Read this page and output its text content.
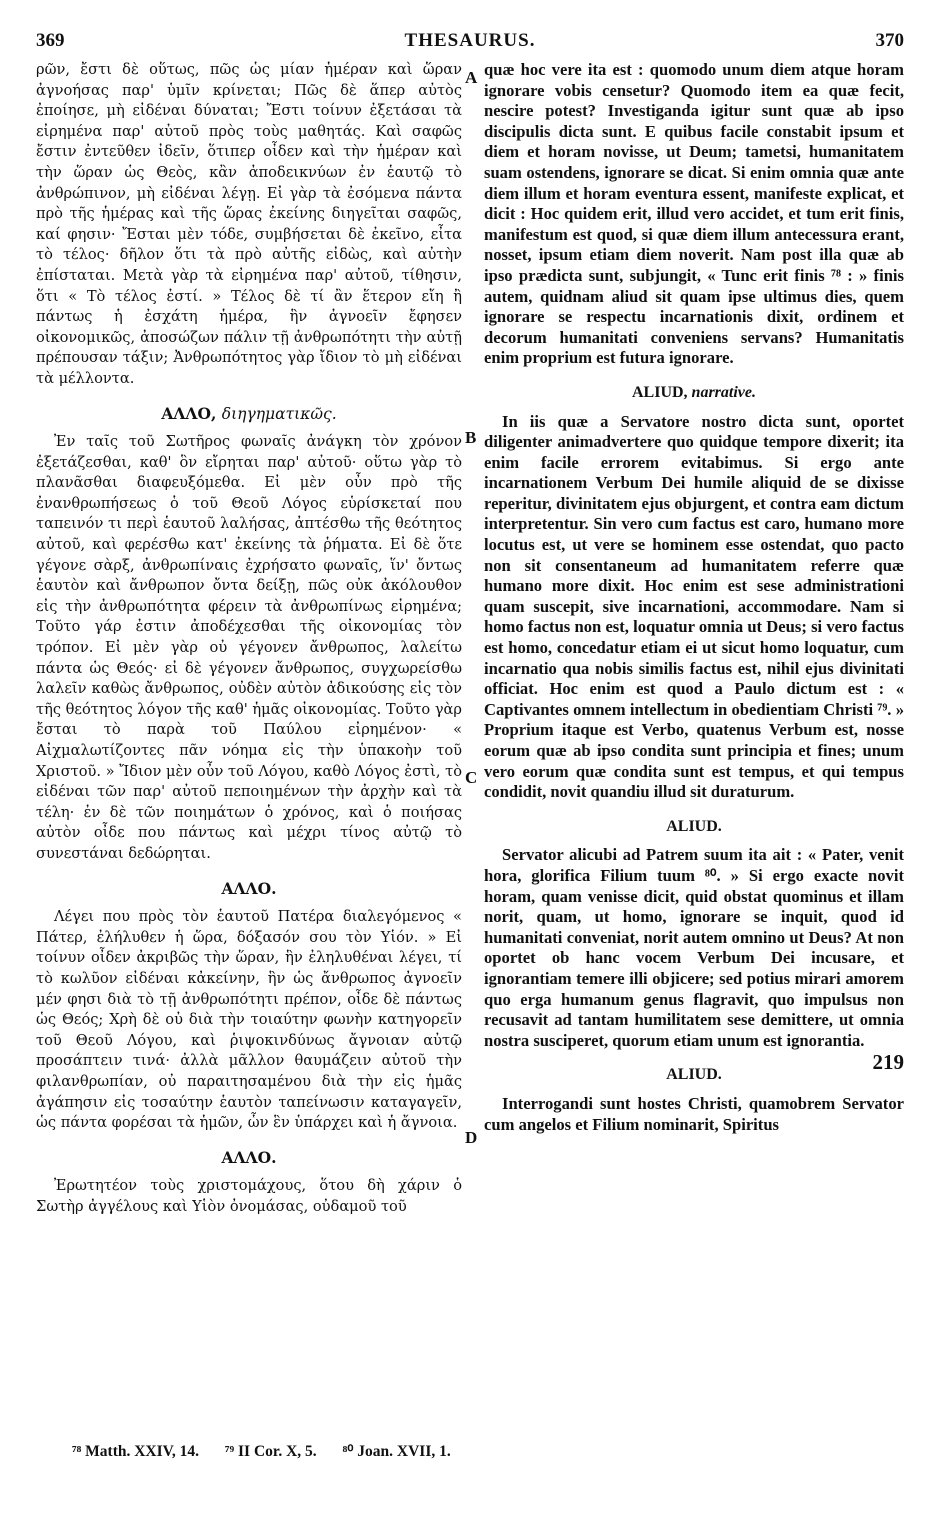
369	THESAURUS.	370

ρῶν, ἔστι δὲ οὕτως, πῶς ὡς μίαν ἡμέραν καὶ ὥραν ἀγνοήσας παρ' ὑμῖν κρίνεται; Πῶς δὲ ἅπερ αὐτὸς ἐποίησε, μὴ εἰδέναι δύναται; Ἔστι τοίνυν ἐξετάσαι τὰ εἰρημένα παρ' αὐτοῦ πρὸς τοὺς μαθητάς. Καὶ σαφῶς ἔστιν ἐντεῦθεν ἰδεῖν, ὅτιπερ οἶδεν καὶ τὴν ἡμέραν καὶ τὴν ὥραν ὡς Θεὸς, κἂν ἀποδεικνύων ἐν ἑαυτῷ τὸ ἀνθρώπινον, μὴ εἰδέναι λέγῃ. Εἰ γὰρ τὰ ἐσόμενα πάντα πρὸ τῆς ἡμέρας καὶ τῆς ὥρας ἐκείνης διηγεῖται σαφῶς, καί φησιν· Ἔσται μὲν τόδε, συμβήσεται δὲ ἐκεῖνο, εἶτα τὸ τέλος· δῆλον ὅτι τὰ πρὸ αὐτῆς εἰδὼς, καὶ αὐτὴν ἐπίσταται. Μετὰ γὰρ τὰ εἰρημένα παρ' αὐτοῦ, τίθησιν, ὅτι « Τὸ τέλος ἐστί. » Τέλος δὲ τί ἂν ἕτερον εἴη ἢ πάντως ἡ ἐσχάτη ἡμέρα, ἣν ἀγνοεῖν ἔφησεν οἰκονομικῶς, ἀποσώζων πάλιν τῇ ἀνθρωπότητι τὴν αὐτῇ πρέπουσαν τάξιν; Ἀνθρωπότητος γὰρ ἴδιον τὸ μὴ εἰδέναι τὰ μέλλοντα.

ΑΛΛΟ, διηγηματικῶς.

Ἐν ταῖς τοῦ Σωτῆρος φωναῖς ἀνάγκη τὸν χρόνον ἐξετάζεσθαι, καθ' ὃν εἴρηται παρ' αὐτοῦ· οὕτω γὰρ τὸ πλανᾶσθαι διαφευξόμεθα. Εἰ μὲν οὖν πρὸ τῆς ἐνανθρωπήσεως ὁ τοῦ Θεοῦ Λόγος εὑρίσκεταί που ταπεινόν τι περὶ ἑαυτοῦ λαλήσας, ἀπτέσθω τῆς θεότητος αὐτοῦ, καὶ φερέσθω κατ' ἐκείνης τὰ ῥήματα. Εἰ δὲ ὅτε γέγονε σὰρξ, ἀνθρωπίναις ἐχρήσατο φωναῖς, ἵν' ὄντως ἑαυτὸν καὶ ἄνθρωπον ὄντα δείξῃ, πῶς οὐκ ἀκόλουθον εἰς τὴν ἀνθρωπότητα φέρειν τὰ ἀνθρωπίνως εἰρημένα; Τοῦτο γάρ ἐστιν ἀποδέχεσθαι τῆς οἰκονομίας τὸν τρόπον. Εἰ μὲν γὰρ οὐ γέγονεν ἄνθρωπος, λαλείτω πάντα ὡς Θεός· εἰ δὲ γέγονεν ἄνθρωπος, συγχωρείσθω λαλεῖν καθὼς ἄνθρωπος, οὐδὲν αὐτὸν ἀδικούσης εἰς τὸν τῆς θεότητος λόγον τῆς καθ' ἡμᾶς οἰκονομίας. Τοῦτο γὰρ ἔσται τὸ παρὰ τοῦ Παύλου εἰρημένον· « Αἰχμαλωτίζοντες πᾶν νόημα εἰς τὴν ὑπακοὴν τοῦ Χριστοῦ. » Ἴδιον μὲν οὖν τοῦ Λόγου, καθὸ Λόγος ἐστὶ, τὸ εἰδέναι τῶν παρ' αὐτοῦ πεποιημένων τὴν ἀρχὴν καὶ τὰ τέλη· ἐν δὲ τῶν ποιημάτων ὁ χρόνος, καὶ ὁ ποιήσας αὐτὸν οἶδε που πάντως καὶ μέχρι τίνος αὐτῷ τὸ συνεστάναι δεδώρηται.

ΑΛΛΟ.

Λέγει που πρὸς τὸν ἑαυτοῦ Πατέρα διαλεγόμενος « Πάτερ, ἐλήλυθεν ἡ ὥρα, δόξασόν σου τὸν Υἱόν. » Εἰ τοίνυν οἶδεν ἀκριβῶς τὴν ὥραν, ἣν ἐληλυθέναι λέγει, τί τὸ κωλῦον εἰδέναι κἀκείνην, ἣν ὡς ἄνθρωπος ἀγνοεῖν μέν φησι διὰ τὸ τῇ ἀνθρωπότητι πρέπον, οἶδε δὲ πάντως ὡς Θεός; Χρὴ δὲ οὐ διὰ τὴν τοιαύτην φωνὴν κατηγορεῖν τοῦ Θεοῦ Λόγου, καὶ ῥιψοκινδύνως ἄγνοιαν αὐτῷ προσάπτειν τινά· ἀλλὰ μᾶλλον θαυμάζειν αὐτοῦ τὴν φιλανθρωπίαν, οὐ παραιτησαμένου διὰ τὴν εἰς ἡμᾶς ἀγάπησιν εἰς τοσαύτην ἑαυτὸν ταπείνωσιν καταγαγεῖν, ὡς πάντα φορέσαι τὰ ἡμῶν, ὧν ἓν ὑπάρχει καὶ ἡ ἄγνοια.

ΑΛΛΟ.

Ἐρωτητέον τοὺς χριστομάχους, ὅτου δὴ χάριν ὁ Σωτὴρ ἀγγέλους καὶ Υἱὸν ὀνομάσας, οὐδαμοῦ τοῦ

A
B
C
D

quæ hoc vere ita est : quomodo unum diem atque horam ignorare vobis censetur? Quomodo item ea quæ fecit, nescire potest? Investiganda igitur sunt quæ ab ipso discipulis dicta sunt. E quibus facile constabit ipsum et diem et horam novisse, ut Deum; tametsi, humanitatem suam ostendens, ignorare se dicat. Si enim omnia quæ ante diem illum et horam eventura essent, manifeste explicat, et dicit : Hoc quidem erit, illud vero accidet, et tum erit finis, manifestum est quod, si quæ diem illum antecessura erant, nosset, ipsum etiam diem noverit. Nam post illa quæ ab ipso prædicta sunt, subjungit, « Tunc erit finis ⁷⁸ : » finis autem, quidnam aliud sit quam ipse ultimus dies, quem ignorare se respectu incarnationis dixit, ordinem et decorum humanitati conveniens servans? Humanitatis enim proprium est futura ignorare.

ALIUD, narrative.

In iis quæ a Servatore nostro dicta sunt, oportet diligenter animadvertere quo quidque tempore dixerit; ita enim facile errorem evitabimus. Si ergo ante incarnationem Verbum Dei humile aliquid de se dixisse reperitur, divinitatem ejus objurgent, et contra eam dictum interpretentur. Sin vero cum factus est caro, humano more locutus est, ut vere se hominem esse ostendat, quo pacto non sit consentaneum ad humanitatem referre quæ humano more dixit. Hoc enim est sese administrationi quam suscepit, sive incarnationi, accommodare. Nam si homo factus non est, loquatur omnia ut Deus; si vero factus est homo, concedatur etiam ei ut sicut homo loquatur, cum incarnatio qua nobis similis factus est, nihil ejus divinitati officiat. Hoc enim est quod a Paulo dictum est : « Captivantes omnem intellectum in obedientiam Christi ⁷⁹. » Proprium itaque est Verbo, quatenus Verbum est, nosse eorum quæ ab ipso condita sunt principia et fines; unum vero eorum quæ condita sunt est tempus, et qui tempus condidit, novit quandiu illud sit duraturum.

ALIUD.

Servator alicubi ad Patrem suum ita ait : « Pater, venit hora, glorifica Filium tuum ⁸⁰. » Si ergo exacte novit horam, quam venisse dicit, quid obstat quominus et illam norit, quam, ut homo, ignorare se inquit, quod id humanitati conveniat, norit autem omnino ut Deus? At non oportet ob hanc vocem Verbum Dei incusare, et ignorantiam temere illi objicere; sed potius mirari amorem quo erga humanum genus flagravit, quo impulsus non recusavit ad tantam humilitatem sese demittere, ut omnia nostra susciperet, quorum etiam unum est ignorantia.

ALIUD.

Interrogandi sunt hostes Christi, quamobrem Servator cum angelos et Filium nominarit, Spiritus

219
⁷⁸ Matth. XXIV, 14. ⁷⁹ II Cor. X, 5. ⁸⁰ Joan. XVII, 1.
